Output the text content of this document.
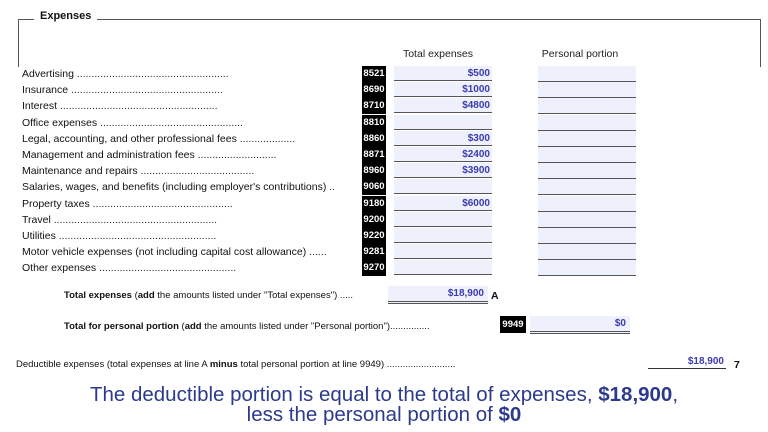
Expenses
Total expenses	Personal portion
Advertising ....................................................	8521	$500
Insurance ....................................................	8690	$1000
Interest ......................................................	8710	$4800
Office expenses .................................................	8810
Legal, accounting, and other professional fees ...................	8860	$300
Management and administration fees ...........................	8871	$2400
Maintenance and repairs .......................................	8960	$3900
Salaries, wages, and benefits (including employer's contributions) ..	9060
Property taxes ................................................	9180	$6000
Travel ........................................................	9200
Utilities ......................................................	9220
Motor vehicle expenses (not including capital cost allowance) ......	9281
Other expenses ...............................................	9270
Total expenses (add the amounts listed under "Total expenses") .....	$18,900 A
Total for personal portion (add the amounts listed under "Personal portion")...............	9949	$0
Deductible expenses (total expenses at line A minus total personal portion at line 9949) ..........................	$18,900 7
The deductible portion is equal to the total of expenses, $18,900,
less the personal portion of $0
